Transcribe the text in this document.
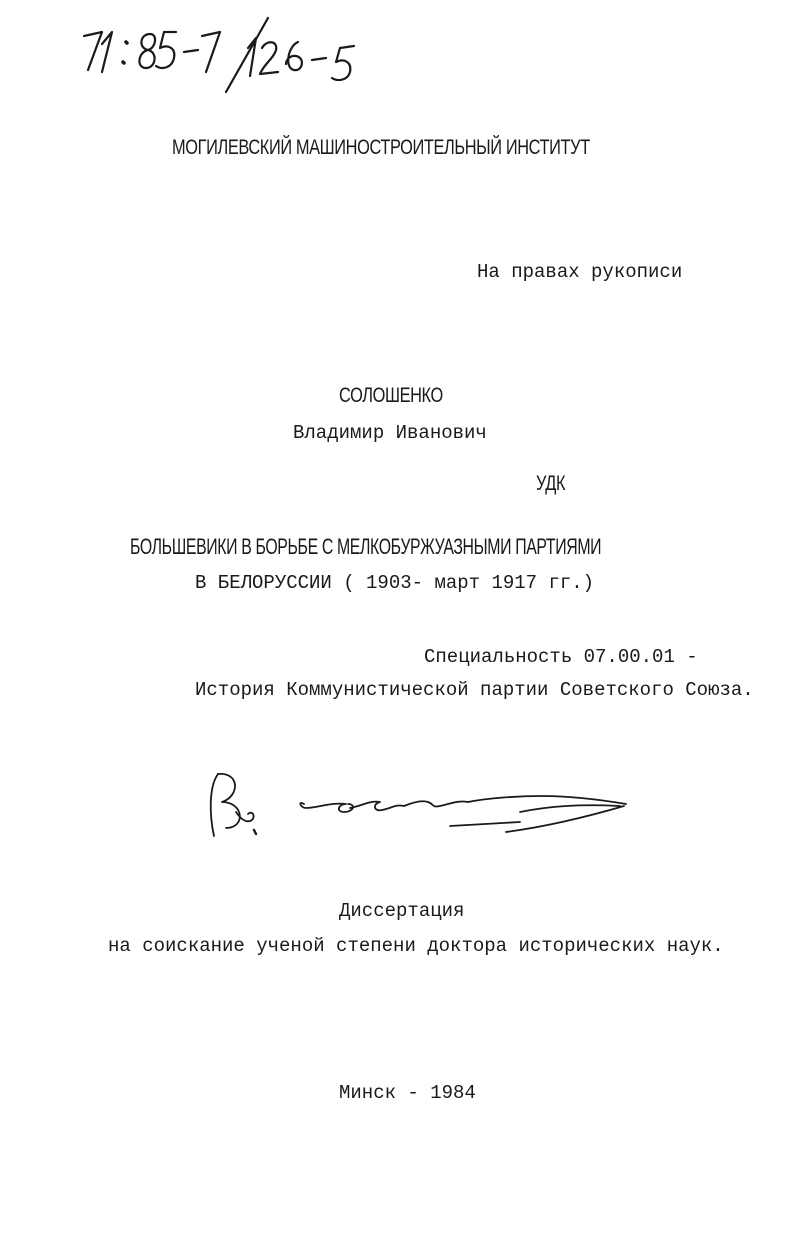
МОГИЛЕВСКИЙ МАШИНОСТРОИТЕЛЬНЫЙ ИНСТИТУТ
На правах рукописи
СОЛОШЕНКО
Владимир Иванович
УДК
БОЛЬШЕВИКИ В БОРЬБЕ С МЕЛКОБУРЖУАЗНЫМИ ПАРТИЯМИ
В БЕЛОРУССИИ ( 1903- март 1917 гг.)
Специальность 07.00.01 -
История Коммунистической партии Советского Союза.
Диссертация
на соискание ученой степени доктора исторических наук.
Минск - 1984
